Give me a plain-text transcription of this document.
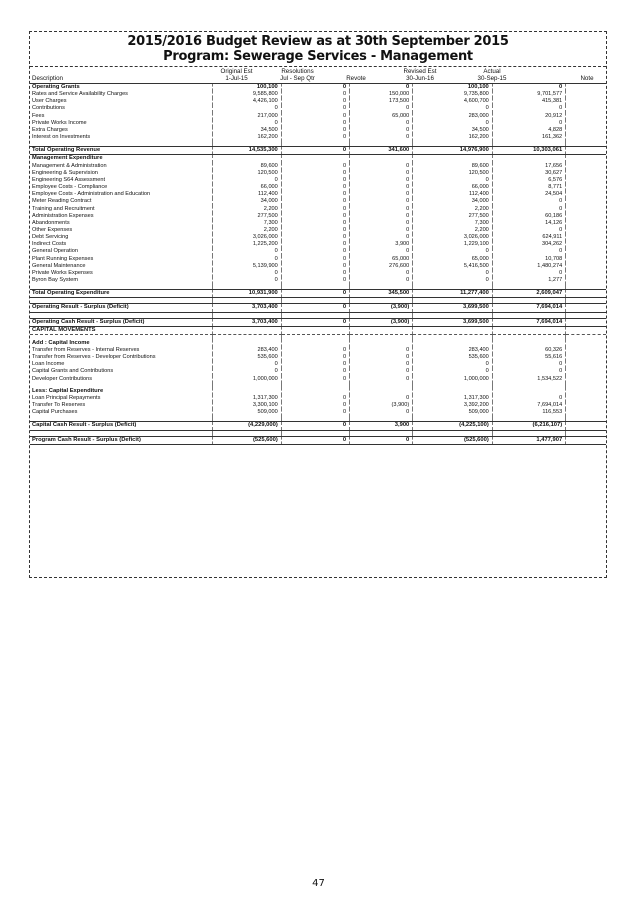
2015/2016 Budget Review as at 30th September 2015
Program: Sewerage Services - Management
Description
Original Est
1-Jul-15
Resolutions
Jul - Sep Qtr	Revote
Revised Est
30-Jun-16
Actual
30-Sep-15	Note
Operating Grants	100,100	0	0	100,100	0	
Rates and Service Availability Charges	9,585,800	0	150,000	9,735,800	9,701,577	
User Charges	4,426,100	0	173,500	4,600,700	415,381	
Contributions	0	0	0	0	0	
Fees	217,000	0	65,000	283,000	20,912	
Private Works Income	0	0	0	0	0	
Extra Charges	34,500	0	0	34,500	4,828	
Interest on Investments	162,200	0	0	162,200	161,362	

Total Operating Revenue	14,535,300	0	341,600	14,976,900	10,303,061	
Management Expenditure						
Management & Administration	89,600	0	0	89,600	17,656	
Engineering & Supervision	120,500	0	0	120,500	30,627	
Engineering S64 Assessment	0	0	0	0	6,576	
Employee Costs - Compliance	66,000	0	0	66,000	8,771	
Employee Costs - Administration and Education	112,400	0	0	112,400	24,504	
Meter Reading Contract	34,000	0	0	34,000	0	
Training and Recruitment	2,200	0	0	2,200	0	
Administration Expenses	277,500	0	0	277,500	60,186	
Abandonments	7,300	0	0	7,300	14,126	
Other Expenses	2,200	0	0	2,200	0	
Debt Servicing	3,026,000	0	0	3,026,000	624,911	
Indirect Costs	1,225,200	0	3,900	1,229,100	304,262	
General Operation	0	0	0	0	0	
Plant Running Expenses	0	0	65,000	65,000	10,708	
General Maintenance	5,139,900	0	276,600	5,416,500	1,480,274	
Private Works Expenses	0	0	0	0	0	
Byron Bay System	0	0	0	0	1,277	

Total Operating Expenditure	10,931,900	0	345,500	11,277,400	2,609,047	

Operating Result - Surplus (Deficit)	3,703,400	0	(3,900)	3,699,500	7,694,014	

Operating Cash Result - Surplus (Deficit)	3,703,400	0	(3,900)	3,699,500	7,694,014	
CAPITAL MOVEMENTS						

Add : Capital Income						
Transfer from Reserves - Internal Reserves	283,400	0	0	283,400	60,326	
Transfer from Reserves - Developer Contributions	535,600	0	0	535,600	55,616	
Loan Income	0	0	0	0	0	
Capital Grants and Contributions	0	0	0	0	0	
Developer Contributions	1,000,000	0	0	1,000,000	1,534,522	

Less: Capital Expenditure						
Loan Principal Repayments	1,317,300	0	0	1,317,300	0	
Transfer To Reserves	3,300,100	0	(3,900)	3,392,200	7,694,014	
Capital Purchases	509,000	0	0	509,000	116,553	

Capital Cash Result - Surplus (Deficit)	(4,229,000)	0	3,900	(4,225,100)	(6,216,107)	

Program Cash Result - Surplus (Deficit)	(525,600)	0	0	(525,600)	1,477,907	
47
